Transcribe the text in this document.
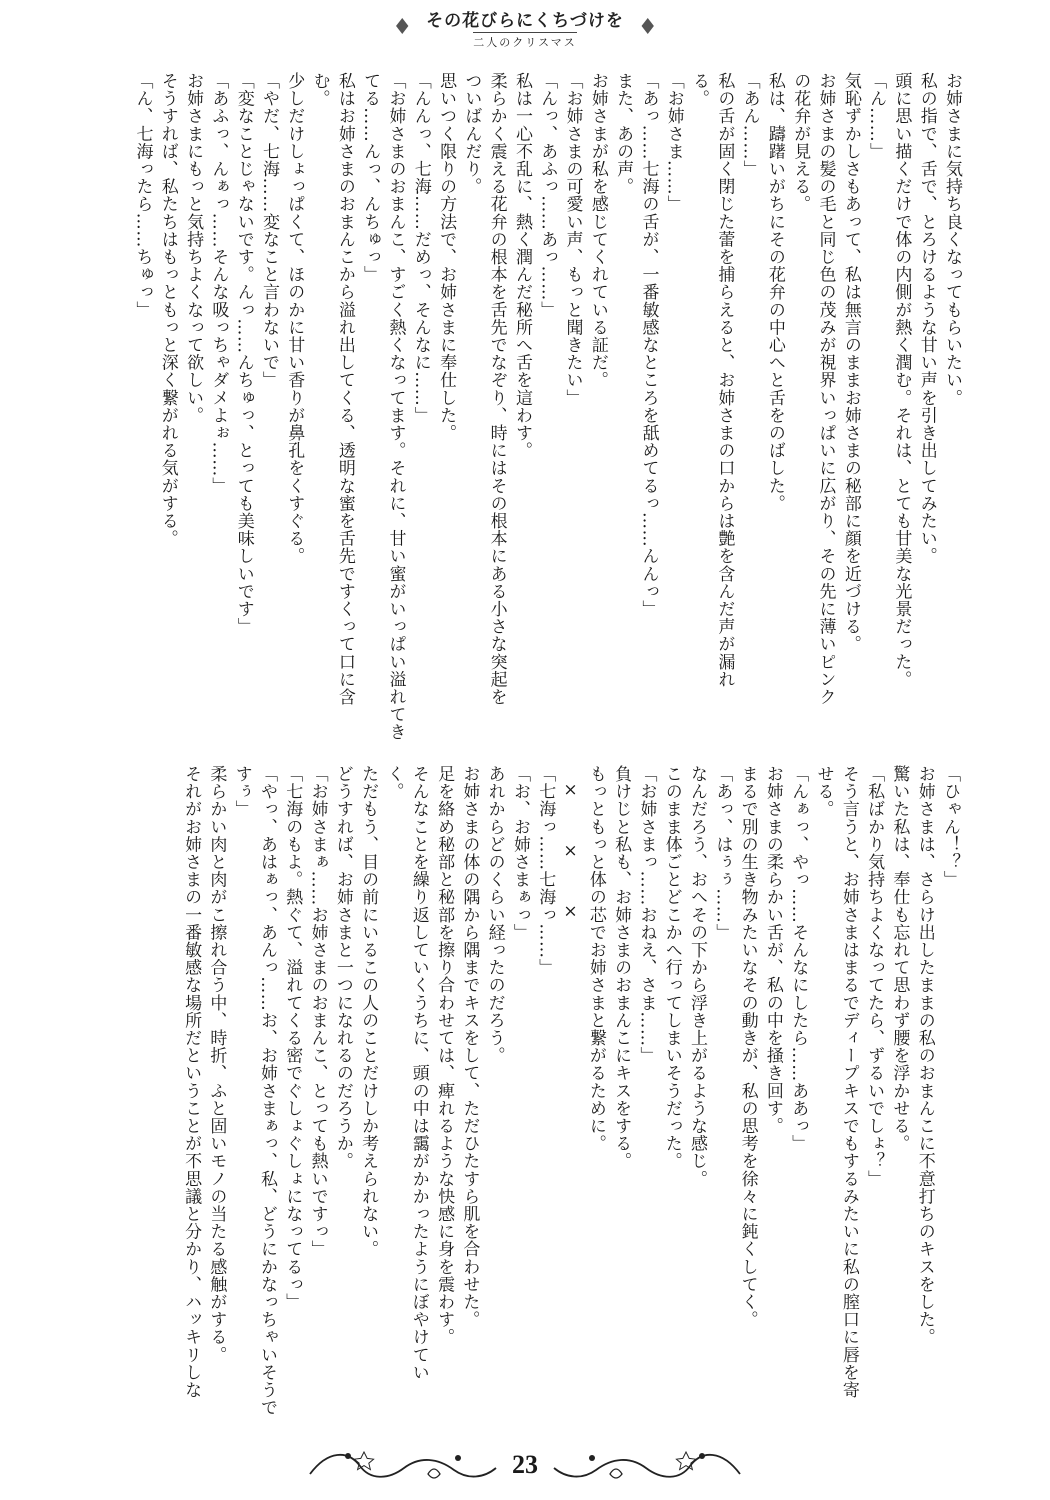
♦ その花びらにくちづけを
二人のクリスマス
♦

お姉さまに気持ち良くなってもらいたい。

私の指で、舌で、とろけるような甘い声を引き出してみたい。

頭に思い描くだけで体の内側が熱く潤む。それは、とても甘美な光景だった。

「ん……」

気恥ずかしさもあって、私は無言のままお姉さまの秘部に顔を近づける。

お姉さまの髪の毛と同じ色の茂みが視界いっぱいに広がり、その先に薄いピンク

の花弁が見える。

私は、躊躇いがちにその花弁の中心へと舌をのばした。

「あん……」

私の舌が固く閉じた蕾を捕らえると、お姉さまの口からは艶を含んだ声が漏れ

る。

「お姉さま……」

「あっ……七海の舌が、一番敏感なところを舐めてるっ……んんっ」

また、あの声。

お姉さまが私を感じてくれている証だ。

「お姉さまの可愛い声、もっと聞きたい」

「んっ、あふっ……あっ……」

私は一心不乱に、熱く潤んだ秘所へ舌を這わす。

柔らかく震える花弁の根本を舌先でなぞり、時にはその根本にある小さな突起を

ついばんだり。

思いつく限りの方法で、お姉さまに奉仕した。

「んんっ、七海……だめっ、そんなに……」

「お姉さまのおまんこ、すごく熱くなってます。それに、甘い蜜がいっぱい溢れてき

てる……んっ、んちゅっ」

私はお姉さまのおまんこから溢れ出してくる、透明な蜜を舌先ですくって口に含

む。

少しだけしょっぱくて、ほのかに甘い香りが鼻孔をくすぐる。

「やだ、七海……変なこと言わないで」

「変なことじゃないです。んっ……んちゅっ、とっても美味しいです」

「あふっ、んぁっ……そんな吸っちゃダメよぉ……」

お姉さまにもっと気持ちよくなって欲しい。

そうすれば、私たちはもっともっと深く繋がれる気がする。

「ん、七海ったら……ちゅっ」

「ひゃん！？」

お姉さまは、さらけ出したままの私のおまんこに不意打ちのキスをした。

驚いた私は、奉仕も忘れて思わず腰を浮かせる。

「私ばかり気持ちよくなってたら、ずるいでしょ？」

そう言うと、お姉さまはまるでディープキスでもするみたいに私の膣口に唇を寄

せる。

「んぁっ、やっ……そんなにしたら……ああっ」

お姉さまの柔らかい舌が、私の中を掻き回す。

まるで別の生き物みたいなその動きが、私の思考を徐々に鈍くしてく。

「あっ、はぅぅ……」

なんだろう、おへその下から浮き上がるような感じ。

このまま体ごとどこかへ行ってしまいそうだった。

「お姉さまっ……おねえ、さま……」

負けじと私も、お姉さまのおまんこにキスをする。

もっともっと体の芯でお姉さまと繋がるために。

×××

「七海っ……七海っ……」

「お、お姉さまぁっ」

あれからどのくらい経ったのだろう。

お姉さまの体の隅から隅までキスをして、ただひたすら肌を合わせた。

足を絡め秘部と秘部を擦り合わせては、痺れるような快感に身を震わす。

そんなことを繰り返していくうちに、頭の中は靄がかかったようにぼやけてい

く。

ただもう、目の前にいるこの人のことだけしか考えられない。

どうすれば、お姉さまと一つになれるのだろうか。

「お姉さまぁ……お姉さまのおまんこ、とっても熱いですっ」

「七海のもよ。熱ぐて、溢れてくる密でぐしょぐしょになってるっ」

「やっ、あはぁっ、あんっ……お、お姉さまぁっ、私、どうにかなっちゃいそうで

すぅ」

柔らかい肉と肉がこ擦れ合う中、時折、ふと固いモノの当たる感触がする。

それがお姉さまの一番敏感な場所だということが不思議と分かり、ハッキリしな

23
